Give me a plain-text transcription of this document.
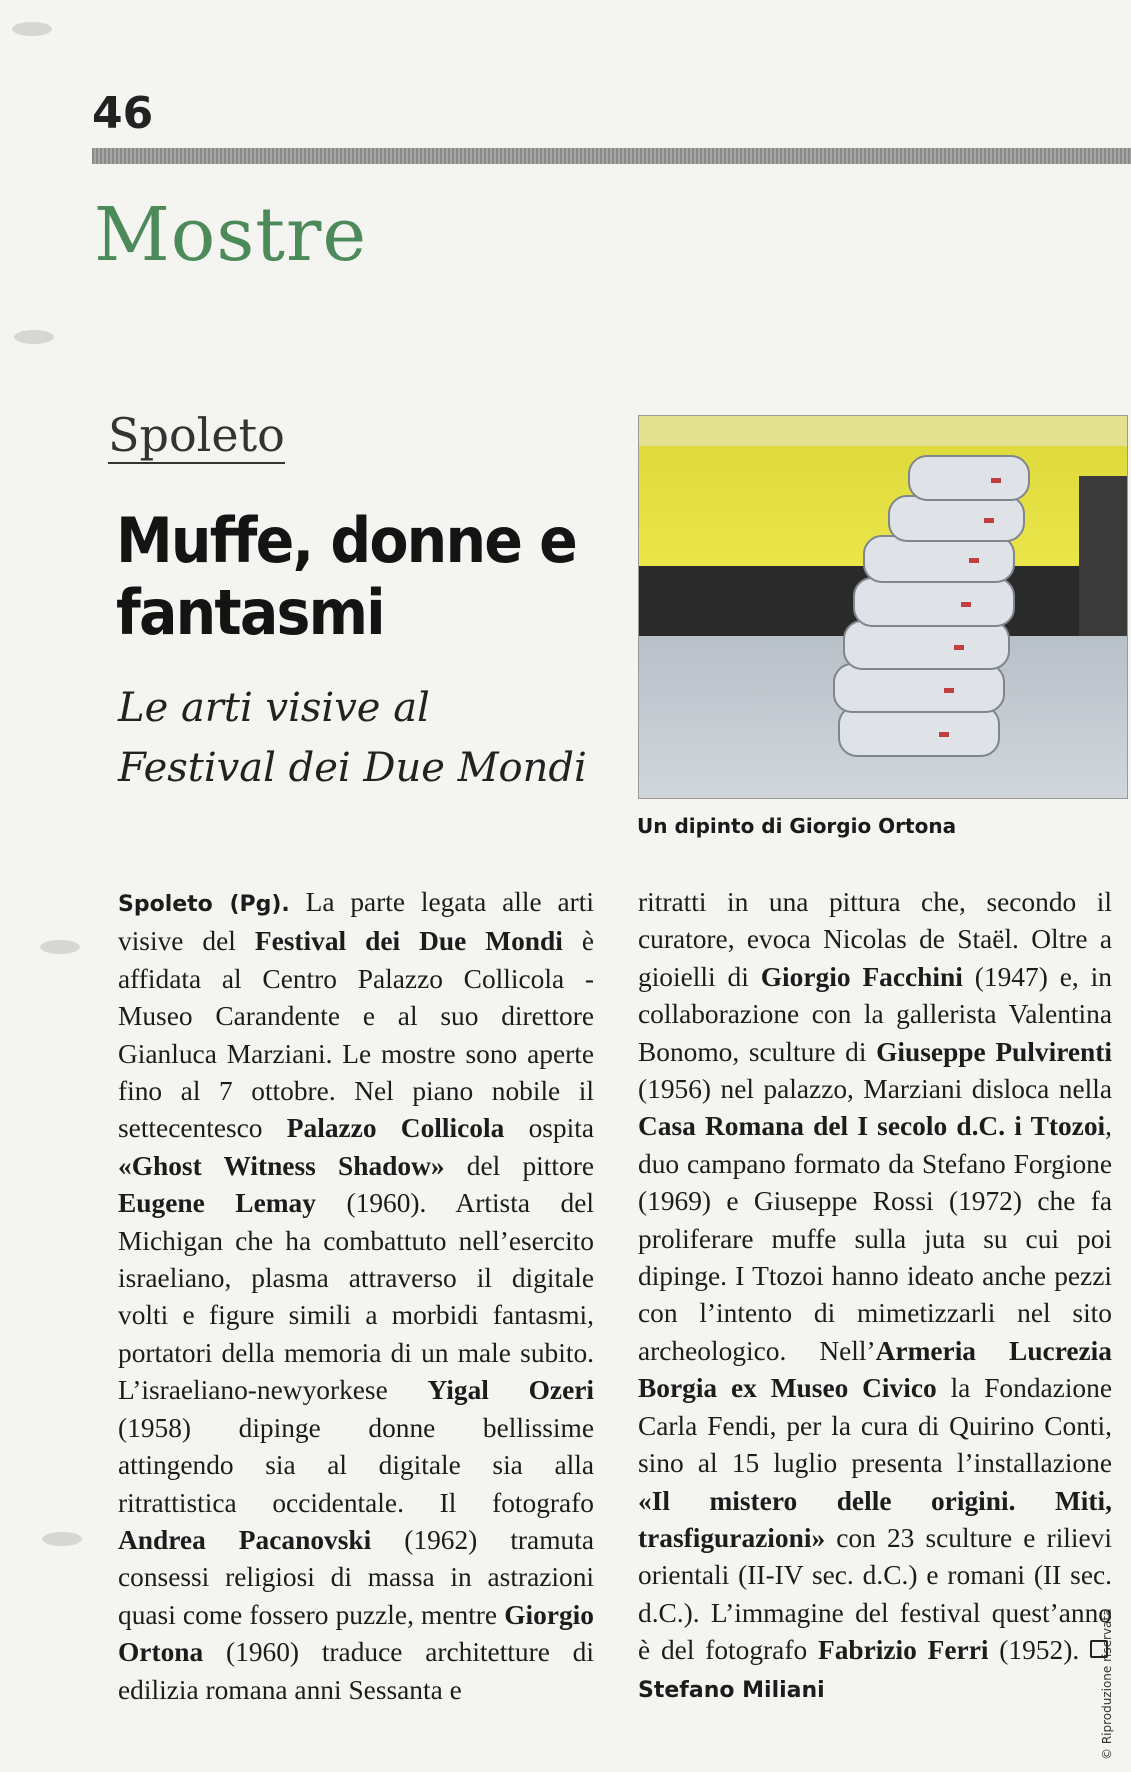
46
Mostre
Spoleto
Muffe, donne e fantasmi
Le arti visive al Festival dei Due Mondi
Un dipinto di Giorgio Ortona
Spoleto (Pg). La parte legata alle arti visive del Festival dei Due Mondi è affidata al Centro Palazzo Collicola - Museo Carandente e al suo direttore Gianluca Marziani. Le mostre sono aperte fino al 7 ottobre. Nel piano nobile il settecentesco Palazzo Collicola ospita «Ghost Witness Shadow» del pittore Eugene Lemay (1960). Artista del Michigan che ha combattuto nell’esercito israeliano, plasma attraverso il digitale volti e figure simili a morbidi fantasmi, portatori della memoria di un male subito. L’israeliano-newyorkese Yigal Ozeri (1958) dipinge donne bellissime attingendo sia al digitale sia alla ritrattistica occidentale. Il fotografo Andrea Pacanovski (1962) tramuta consessi religiosi di massa in astrazioni quasi come fossero puzzle, mentre Giorgio Ortona (1960) traduce architetture di edilizia romana anni Sessanta e
ritratti in una pittura che, secondo il curatore, evoca Nicolas de Staël. Oltre a gioielli di Giorgio Facchini (1947) e, in collaborazione con la gallerista Valentina Bonomo, sculture di Giuseppe Pulvirenti (1956) nel palazzo, Marziani disloca nella Casa Romana del I secolo d.C. i Ttozoi, duo campano formato da Stefano Forgione (1969) e Giuseppe Rossi (1972) che fa proliferare muffe sulla juta su cui poi dipinge. I Ttozoi hanno ideato anche pezzi con l’intento di mimetizzarli nel sito archeologico. Nell’Armeria Lucrezia Borgia ex Museo Civico la Fondazione Carla Fendi, per la cura di Quirino Conti, sino al 15 luglio presenta l’installazione «Il mistero delle origini. Miti, trasfigurazioni» con 23 sculture e rilievi orientali (II-IV sec. d.C.) e romani (II sec. d.C.). L’immagine del festival quest’anno è del fotografo Fabrizio Ferri (1952). Stefano Miliani	© Riproduzione riservata
